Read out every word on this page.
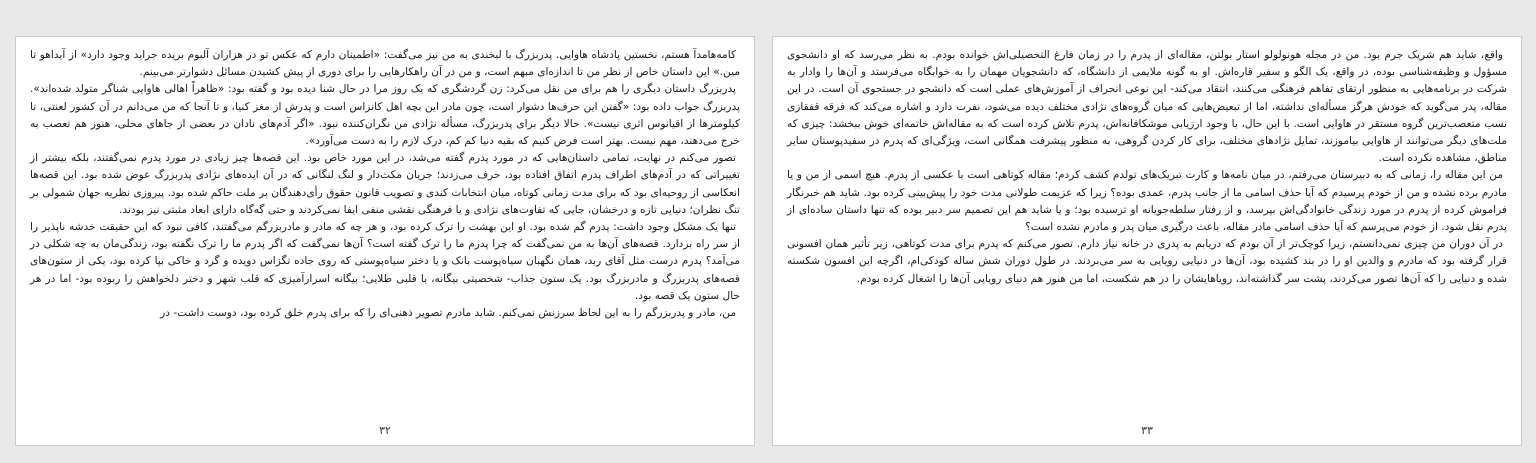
کامه‌هامدآ هستم، نخستین پادشاه هاوایی. پدربزرگ با لبخندی به من نیز می‌گفت: «اطمینان دارم که عکس تو در هزاران آلبوم بریده جراید وجود دارد» از آیداهو تا مین.» این داستان خاص از نظر من تا اندازه‌ای مبهم است، و من در آن راهکارهایی را برای دوری از پیش کشیدن مسائل دشوارتر می‌بینم.

پدربزرگ داستان دیگری را هم برای من نقل می‌کرد: زن گردشگری که یک روز مرا در حال شنا دیده بود و گفته بود: «ظاهراً اهالی هاوایی شناگر متولد شده‌اند». پدربزرگ جواب داده بود: «گفتن این حرف‌ها دشوار است، چون مادر این بچه اهل کانزاس است و پدرش از مغز کنیا، و تا آنجا که من می‌دانم در آن کشور لعنتی، تا کیلومترها از اقیانوس اثری نیست». حالا دیگر برای پدربزرگ، مسأله نژادی من نگران‌کننده نبود. «اگر آدم‌های نادان در بعضی از جاهای محلی، هنوز هم تعصب به خرج می‌دهند، مهم نیست. بهتر است فرض کنیم که بقیه دنیا کم کم، درک لازم را به دست می‌آورد».

تصور می‌کنم در نهایت، تمامی داستان‌هایی که در مورد پدرم گفته می‌شد، در این مورد خاص بود. این قصه‌ها چیز زیادی در مورد پدرم نمی‌گفتند، بلکه بیشتر از تغییراتی که در آدم‌های اطراف پدرم اتفاق افتاده بود، حرف می‌زدند؛ جریان مکث‌دار و لنگ لنگانی که در آن ایده‌های نژادی پدربزرگ عوض شده بود. این قصه‌ها انعکاسی از روحیه‌ای بود که برای مدت زمانی کوتاه، میان انتخابات کندی و تصویب قانون حقوق رأی‌دهندگان بر ملت حاکم شده بود. پیروزی نظریه جهان شمولی بر تنگ نظران؛ دنیایی تازه و درخشان، جایی که تفاوت‌های نژادی و یا فرهنگی نقشی منفی ایفا نمی‌کردند و حتی گه‌گاه دارای ابعاد مثبتی نیز بودند.

تنها یک مشکل وجود داشت: پدرم گم شده بود. او این بهشت را ترک کرده بود، و هر چه که مادر و مادربزرگم می‌گفتند، کافی نبود که این حقیقت خدشه ناپذیر را از سر راه بردارد. قصه‌های آن‌ها به من نمی‌گفت که چرا پدرم ما را ترک گفته است؟ آن‌ها نمی‌گفت که اگر پدرم ما را ترک نگفته بود، زندگی‌مان به چه شکلی در می‌آمد؟ پدرم درست مثل آقای ربد، همان نگهبان سیاه‌پوست بانک و یا دختر سیاه‌پوستی که روی جاده تگزاس دویده و گرد و خاکی بپا کرده بود، یکی از ستون‌های قصه‌های پدربزرگ و مادربزرگ بود. یک ستون جذاب- شخصیتی بیگانه، با قلبی طلایی؛ بیگانه اسرارآمیزی که قلب شهر و دختر دلخواهش را ربوده بود- اما در هر حال ستون یک قصه بود.

من، مادر و پدربزرگم را به این لحاظ سرزنش نمی‌کنم. شاید مادرم تصویر ذهنی‌ای را که برای پدرم خلق کرده بود، دوست داشت- در

۳۲

واقع، شاید هم شریک جرم بود. من در مجله هونولولو استار بولتن، مقاله‌ای از پدرم را در زمان فارغ التحصیلی‌اش خوانده بودم. به نظر می‌رسد که او دانشجوی مسؤول و وظیفه‌شناسی بوده، در واقع، یک الگو و سفیر قاره‌اش. او به گونه ملایمی از دانشگاه، که دانشجویان مهمان را به خوابگاه می‌فرستد و آن‌ها را وادار به شرکت در برنامه‌هایی به منظور ارتقای تفاهم فرهنگی می‌کنند، انتقاد می‌کند- این نوعی انحراف از آموزش‌های عملی است که دانشجو در جستجوی آن است. در این مقاله، پدر می‌گوید که خودش هرگز مسأله‌ای نداشته، اما از تبعیض‌هایی که میان گروه‌های نژادی مختلف دیده می‌شود، نفرت دارد و اشاره می‌کند که فرقه قفقازی نسب متعصب‌ترین گروه مستقر در هاوایی است. با این حال، با وجود ارزیابی موشکافانه‌اش، پدرم تلاش کرده است که به مقاله‌اش خاتمه‌ای خوش ببخشد: چیزی که ملت‌های دیگر می‌توانند از هاوایی بیاموزند، تمایل نژادهای مختلف، برای کار کردن گروهی، به منظور پیشرفت همگانی است، ویژگی‌ای که پدرم در سفیدپوستان سایر مناطق، مشاهده نکرده است.

من این مقاله را، زمانی که به دبیرستان می‌رفتم، در میان نامه‌ها و کارت تبریک‌های تولدم کشف کردم؛ مقاله کوتاهی است با عکسی از پدرم. هیچ اسمی از من و یا مادرم برده نشده و من از خودم پرسیدم که آیا حذف اسامی ما از جانب پدرم، عمدی بوده؟ زیرا که عزیمت طولانی مدت خود را پیش‌بینی کرده بود. شاید هم خبرنگار فراموش کرده از پدرم در مورد زندگی خانوادگی‌اش بپرسد، و از رفتار سلطه‌جویانه او ترسیده بود؛ و یا شاید هم این تصمیم سر دبیر بوده که تنها داستان ساده‌ای از پدرم نقل شود. از خودم می‌پرسم که آیا حذف اسامی مادر مقاله، باعث درگیری میان پدر و مادرم نشده است؟

در آن دوران من چیزی نمی‌دانستم، زیرا کوچک‌تر از آن بودم که دریابم به پدری در خانه نیاز دارم. تصور می‌کنم که پدرم برای مدت کوتاهی، زیر تأثیر همان افسونی قرار گرفته بود که مادرم و والدین او را در بند کشیده بود، آن‌ها در دنیایی رویایی به سر می‌بردند. در طول دوران شش ساله کودکی‌ام، اگرچه این افسون شکسته شده و دنیایی را که آن‌ها تصور می‌کردند، پشت سر گذاشته‌اند، رویاهایشان را در هم شکست، اما من هنوز هم دنیای رویایی آن‌ها را اشغال کرده بودم.

۳۳
